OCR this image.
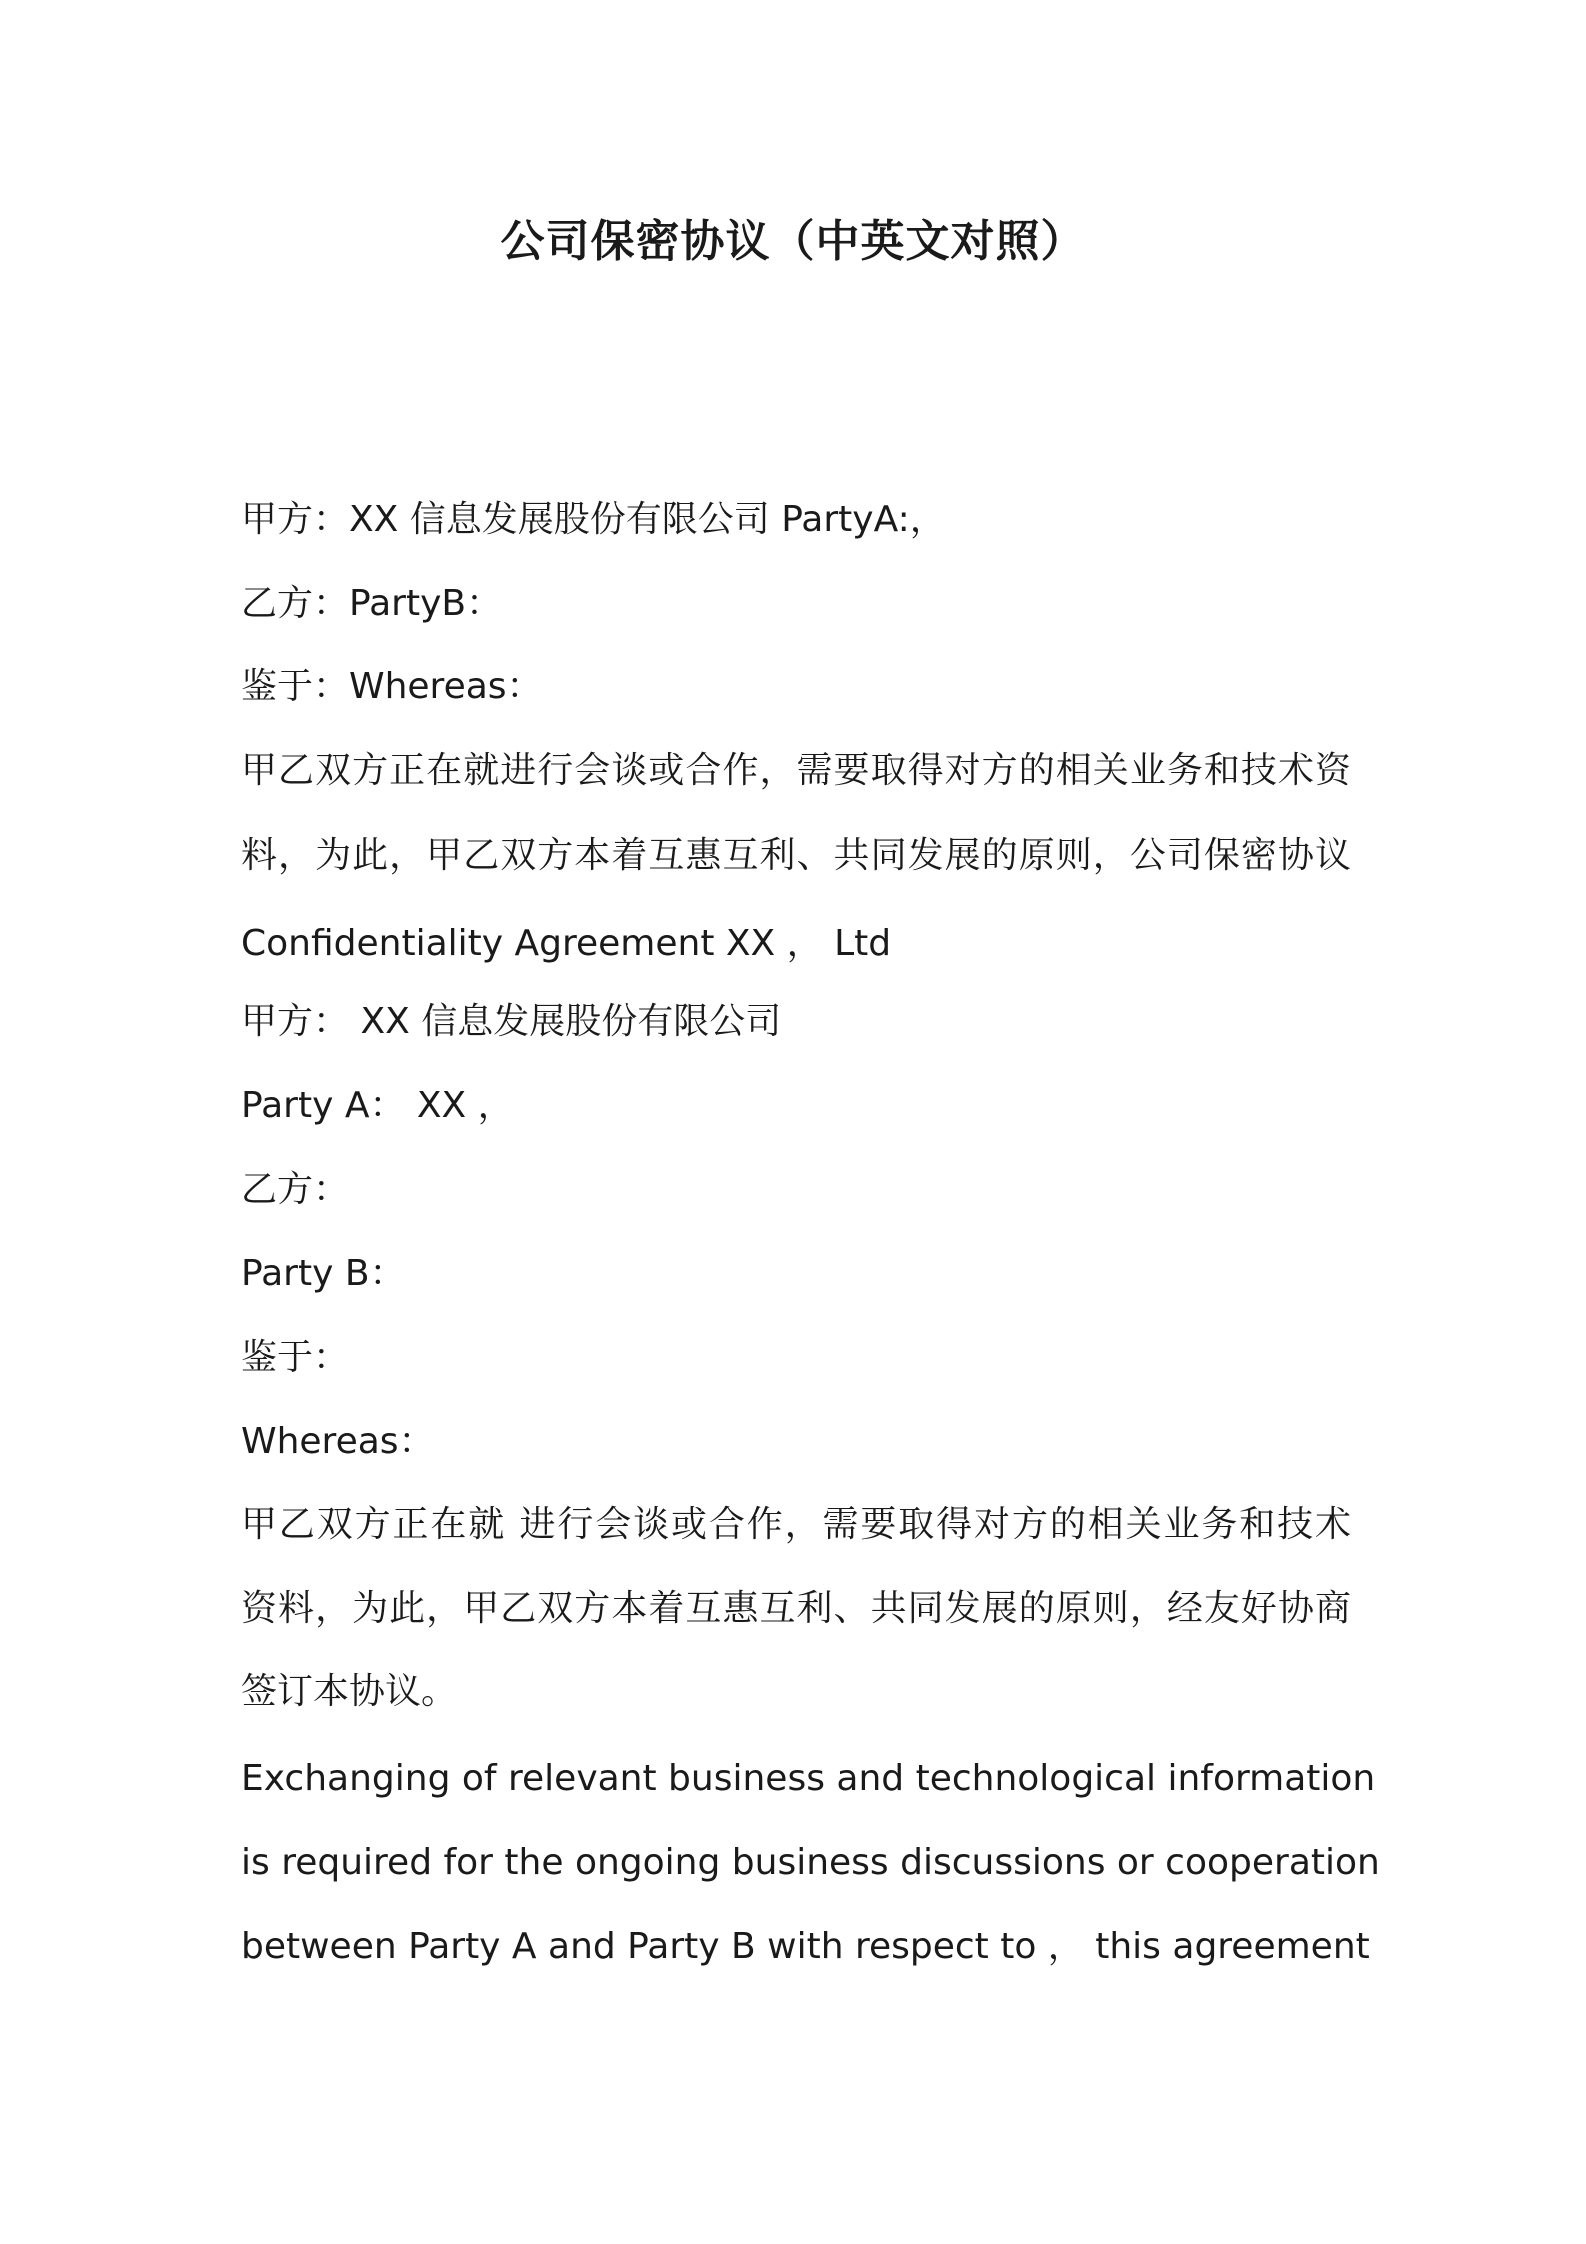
公司保密协议（中英文对照）
甲方：XX 信息发展股份有限公司 PartyA:，
乙方：PartyB：
鉴于：Whereas：
甲乙双方正在就进行会谈或合作，需要取得对方的相关业务和技术资
料，为此，甲乙双方本着互惠互利、共同发展的原则，公司保密协议
Confidentiality Agreement XX ， Ltd
甲方： XX 信息发展股份有限公司
Party A： XX ，
乙方：
Party B：
鉴于：
Whereas：
甲乙双方正在就 进行会谈或合作，需要取得对方的相关业务和技术
资料，为此，甲乙双方本着互惠互利、共同发展的原则，经友好协商
签订本协议。
Exchanging of relevant business and technological information
is required for the ongoing business discussions or cooperation
between Party A and Party B with respect to ， this agreement
